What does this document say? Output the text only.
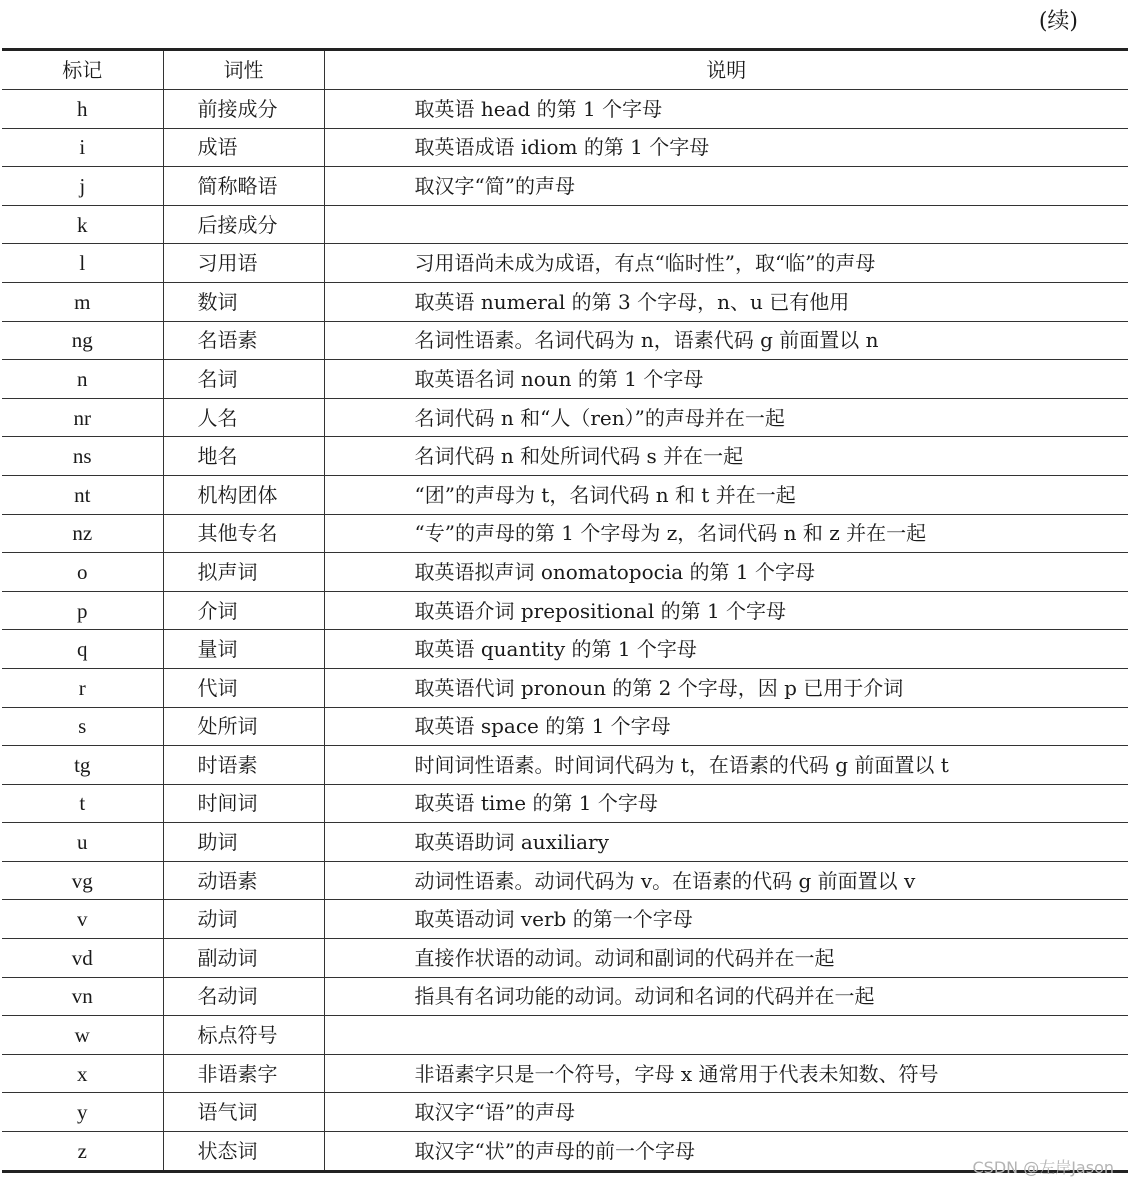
(续)
标记	词性	说明
h	前接成分	取英语 head 的第 1 个字母
i	成语	取英语成语 idiom 的第 1 个字母
j	简称略语	取汉字“简”的声母
k	后接成分	
l	习用语	习用语尚未成为成语，有点“临时性”，取“临”的声母
m	数词	取英语 numeral 的第 3 个字母，n、u 已有他用
ng	名语素	名词性语素。名词代码为 n，语素代码 g 前面置以 n
n	名词	取英语名词 noun 的第 1 个字母
nr	人名	名词代码 n 和“人（ren）”的声母并在一起
ns	地名	名词代码 n 和处所词代码 s 并在一起
nt	机构团体	“团”的声母为 t，名词代码 n 和 t 并在一起
nz	其他专名	“专”的声母的第 1 个字母为 z，名词代码 n 和 z 并在一起
o	拟声词	取英语拟声词 onomatopocia 的第 1 个字母
p	介词	取英语介词 prepositional 的第 1 个字母
q	量词	取英语 quantity 的第 1 个字母
r	代词	取英语代词 pronoun 的第 2 个字母，因 p 已用于介词
s	处所词	取英语 space 的第 1 个字母
tg	时语素	时间词性语素。时间词代码为 t，在语素的代码 g 前面置以 t
t	时间词	取英语 time 的第 1 个字母
u	助词	取英语助词 auxiliary
vg	动语素	动词性语素。动词代码为 v。在语素的代码 g 前面置以 v
v	动词	取英语动词 verb 的第一个字母
vd	副动词	直接作状语的动词。动词和副词的代码并在一起
vn	名动词	指具有名词功能的动词。动词和名词的代码并在一起
w	标点符号	
x	非语素字	非语素字只是一个符号，字母 x 通常用于代表未知数、符号
y	语气词	取汉字“语”的声母
z	状态词	取汉字“状”的声母的前一个字母
CSDN @左岸Jason
